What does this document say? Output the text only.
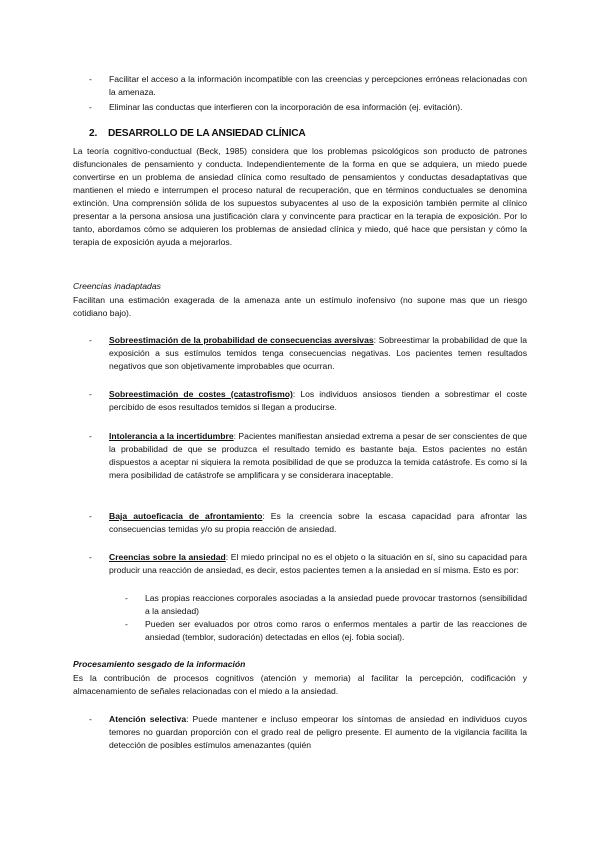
-	Facilitar el acceso a la información incompatible con las creencias y percepciones erróneas relacionadas con la amenaza.
-	Eliminar las conductas que interfieren con la incorporación de esa información (ej. evitación).
2. DESARROLLO DE LA ANSIEDAD CLÍNICA
La teoría cognitivo-conductual (Beck, 1985) considera que los problemas psicológicos son producto de patrones disfuncionales de pensamiento y conducta. Independientemente de la forma en que se adquiera, un miedo puede convertirse en un problema de ansiedad clínica como resultado de pensamientos y conductas desadaptativas que mantienen el miedo e interrumpen el proceso natural de recuperación, que en términos conductuales se denomina extinción. Una comprensión sólida de los supuestos subyacentes al uso de la exposición también permite al clínico presentar a la persona ansiosa una justificación clara y convincente para practicar en la terapia de exposición. Por lo tanto, abordamos cómo se adquieren los problemas de ansiedad clínica y miedo, qué hace que persistan y cómo la terapia de exposición ayuda a mejorarlos.
Creencias inadaptadas
Facilitan una estimación exagerada de la amenaza ante un estímulo inofensivo (no supone mas que un riesgo cotidiano bajo).
-	Sobreestimación de la probabilidad de consecuencias aversivas: Sobreestimar la probabilidad de que la exposición a sus estímulos temidos tenga consecuencias negativas. Los pacientes temen resultados negativos que son objetivamente improbables que ocurran.
-	Sobreestimación de costes (catastrofismo): Los individuos ansiosos tienden a sobrestimar el coste percibido de esos resultados temidos si llegan a producirse.
-	Intolerancia a la incertidumbre: Pacientes manifiestan ansiedad extrema a pesar de ser conscientes de que la probabilidad de que se produzca el resultado temido es bastante baja. Estos pacientes no están dispuestos a aceptar ni siquiera la remota posibilidad de que se produzca la temida catástrofe. Es como si la mera posibilidad de catástrofe se amplificara y se considerara inaceptable.
-	Baja autoeficacia de afrontamiento: Es la creencia sobre la escasa capacidad para afrontar las consecuencias temidas y/o su propia reacción de ansiedad.
-	Creencias sobre la ansiedad: El miedo principal no es el objeto o la situación en sí, sino su capacidad para producir una reacción de ansiedad, es decir, estos pacientes temen a la ansiedad en sí misma. Esto es por:
-	Las propias reacciones corporales asociadas a la ansiedad puede provocar trastornos (sensibilidad a la ansiedad)
-	Pueden ser evaluados por otros como raros o enfermos mentales a partir de las reacciones de ansiedad (temblor, sudoración) detectadas en ellos (ej. fobia social).
Procesamiento sesgado de la información
Es la contribución de procesos cognitivos (atención y memoria) al facilitar la percepción, codificación y almacenamiento de señales relacionadas con el miedo a la ansiedad.
-	Atención selectiva: Puede mantener e incluso empeorar los síntomas de ansiedad en individuos cuyos temores no guardan proporción con el grado real de peligro presente. El aumento de la vigilancia facilita la detección de posibles estímulos amenazantes (quién
